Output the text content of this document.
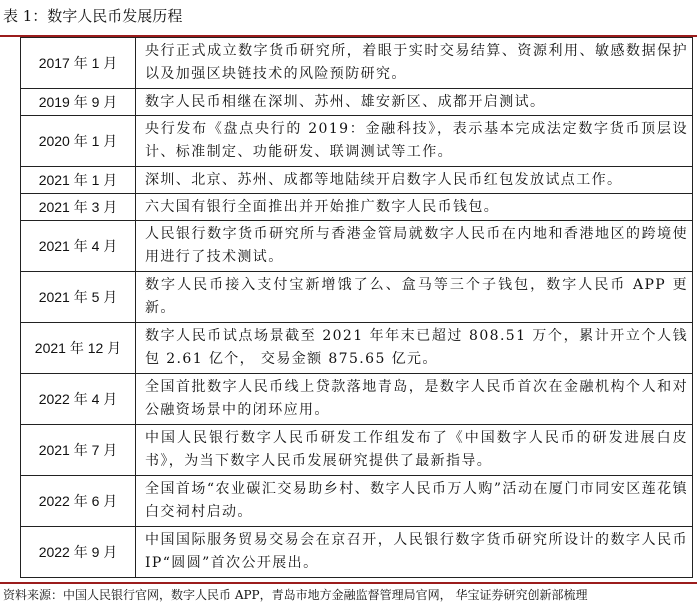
表 1：数字人民币发展历程
2017 年 1 月	央行正式成立数字货币研究所，着眼于实时交易结算、资源利用、敏感数据保护以及加强区块链技术的风险预防研究。
2019 年 9 月	数字人民币相继在深圳、苏州、雄安新区、成都开启测试。
2020 年 1 月	央行发布《盘点央行的 2019：金融科技》，表示基本完成法定数字货币顶层设计、标准制定、功能研发、联调测试等工作。
2021 年 1 月	深圳、北京、苏州、成都等地陆续开启数字人民币红包发放试点工作。
2021 年 3 月	六大国有银行全面推出并开始推广数字人民币钱包。
2021 年 4 月	人民银行数字货币研究所与香港金管局就数字人民币在内地和香港地区的跨境使用进行了技术测试。
2021 年 5 月	数字人民币接入支付宝新增饿了么、盒马等三个子钱包，数字人民币 APP 更新。
2021 年 12 月	数字人民币试点场景截至 2021 年年末已超过 808.51 万个，累计开立个人钱包 2.61 亿个， 交易金额 875.65 亿元。
2022 年 4 月	全国首批数字人民币线上贷款落地青岛，是数字人民币首次在金融机构个人和对公融资场景中的闭环应用。
2021 年 7 月	中国人民银行数字人民币研发工作组发布了《中国数字人民币的研发进展白皮书》，为当下数字人民币发展研究提供了最新指导。
2022 年 6 月	全国首场“农业碳汇交易助乡村、数字人民币万人购”活动在厦门市同安区莲花镇白交祠村启动。
2022 年 9 月	中国国际服务贸易交易会在京召开，人民银行数字货币研究所设计的数字人民币 IP“圆圆”首次公开展出。
资料来源：中国人民银行官网，数字人民币 APP，青岛市地方金融监督管理局官网， 华宝证券研究创新部梳理
